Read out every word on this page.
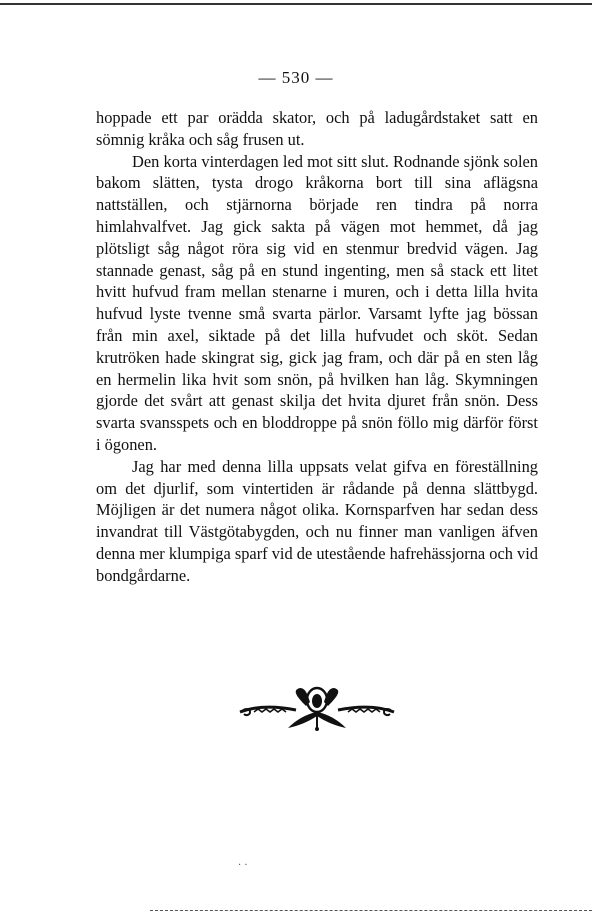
— 530 —

hoppade ett par orädda skator, och på ladugårdstaket satt en sömnig kråka och såg frusen ut.

Den korta vinterdagen led mot sitt slut. Rodnande sjönk solen bakom slätten, tysta drogo kråkorna bort till sina aflägsna nattställen, och stjärnorna började ren tindra på norra himlahvalfvet. Jag gick sakta på vägen mot hemmet, då jag plötsligt såg något röra sig vid en stenmur bredvid vägen. Jag stannade genast, såg på en stund ingenting, men så stack ett litet hvitt hufvud fram mellan stenarne i muren, och i detta lilla hvita hufvud lyste tvenne små svarta pärlor. Varsamt lyfte jag bössan från min axel, siktade på det lilla hufvudet och sköt. Sedan krutröken hade skingrat sig, gick jag fram, och där på en sten låg en hermelin lika hvit som snön, på hvilken han låg. Skymningen gjorde det svårt att genast skilja det hvita djuret från snön. Dess svarta svansspets och en bloddroppe på snön föllo mig därför först i ögonen.

Jag har med denna lilla uppsats velat gifva en föreställning om det djurlif, som vintertiden är rådande på denna slättbygd. Möjligen är det numera något olika. Kornsparfven har sedan dess invandrat till Västgötabygden, och nu finner man vanligen äfven denna mer klumpiga sparf vid de utestående hafrehässjorna och vid bondgårdarne.

· ·
